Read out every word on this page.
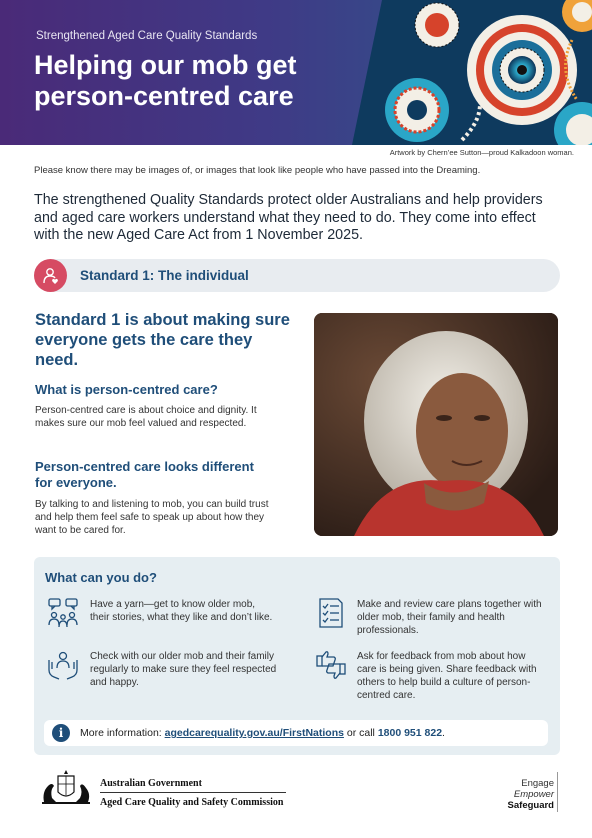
Strengthened Aged Care Quality Standards
Helping our mob get person-centred care
Artwork by Chern’ee Sutton—proud Kalkadoon woman.
Please know there may be images of, or images that look like people who have passed into the Dreaming.
The strengthened Quality Standards protect older Australians and help providers and aged care workers understand what they need to do. They come into effect with the new Aged Care Act from 1 November 2025.
Standard 1: The individual
Standard 1 is about making sure everyone gets the care they need.
What is person-centred care?
Person-centred care is about choice and dignity. It makes sure our mob feel valued and respected.
Person-centred care looks different for everyone.
By talking to and listening to mob, you can build trust and help them feel safe to speak up about how they want to be cared for.
What can you do?
Have a yarn—get to know older mob, their stories, what they like and don’t like.
Make and review care plans together with older mob, their family and health professionals.
Check with our older mob and their family regularly to make sure they feel respected and happy.
Ask for feedback from mob about how care is being given. Share feedback with others to help build a culture of person-centred care.
i	More information: agedcarequality.gov.au/FirstNations or call 1800 951 822.
Australian Government
Aged Care Quality and Safety Commission
Engage
Empower
Safeguard
